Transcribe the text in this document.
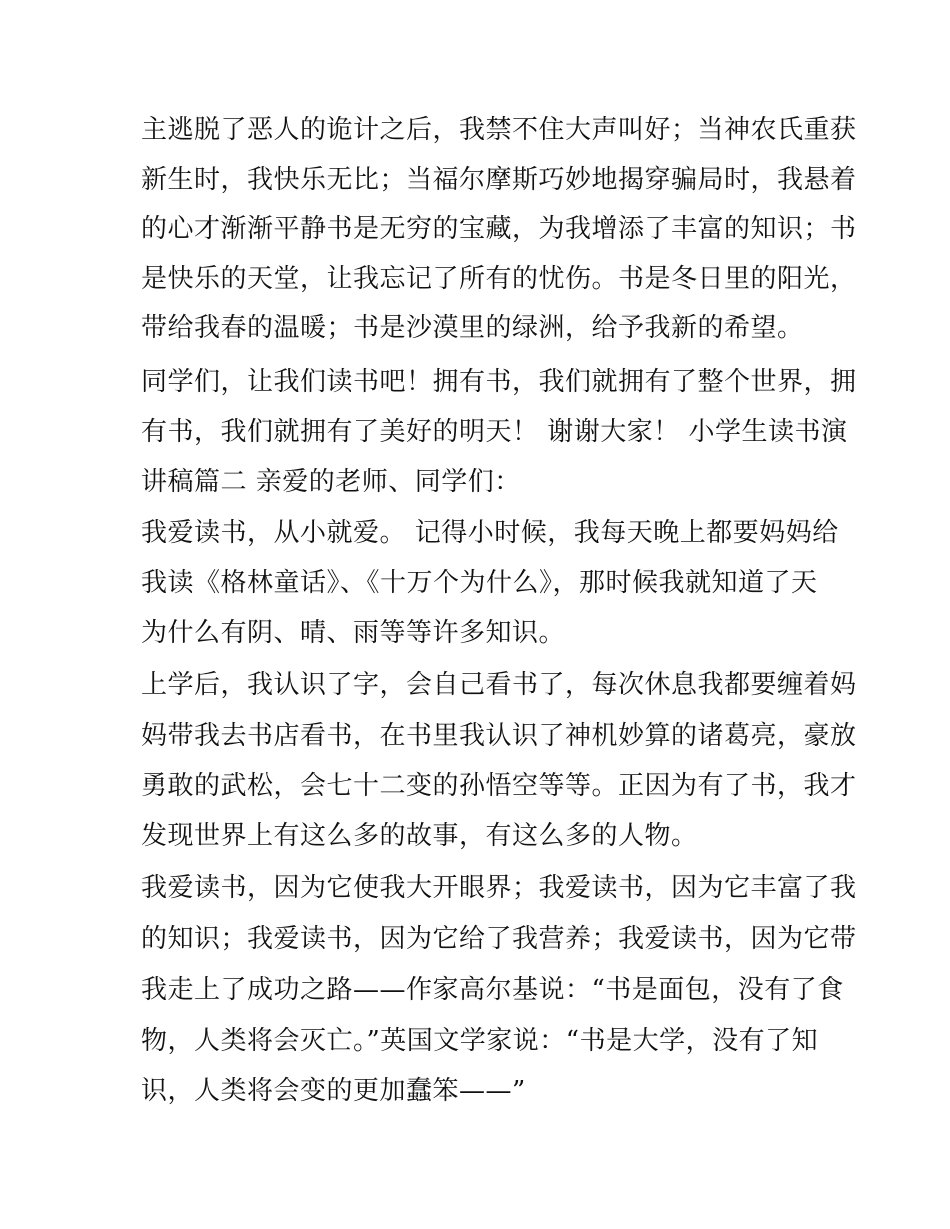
主逃脱了恶人的诡计之后，我禁不住大声叫好；当神农氏重获
新生时，我快乐无比；当福尔摩斯巧妙地揭穿骗局时，我悬着
的心才渐渐平静书是无穷的宝藏，为我增添了丰富的知识；书
是快乐的天堂，让我忘记了所有的忧伤。书是冬日里的阳光，
带给我春的温暖；书是沙漠里的绿洲，给予我新的希望。
同学们，让我们读书吧！拥有书，我们就拥有了整个世界，拥
有书，我们就拥有了美好的明天！ 谢谢大家！ 小学生读书演
讲稿篇二 亲爱的老师、同学们：
我爱读书，从小就爱。 记得小时候，我每天晚上都要妈妈给
我读《格林童话》、《十万个为什么》，那时候我就知道了天
为什么有阴、晴、雨等等许多知识。
上学后，我认识了字，会自己看书了，每次休息我都要缠着妈
妈带我去书店看书，在书里我认识了神机妙算的诸葛亮，豪放
勇敢的武松，会七十二变的孙悟空等等。正因为有了书，我才
发现世界上有这么多的故事，有这么多的人物。
我爱读书，因为它使我大开眼界；我爱读书，因为它丰富了我
的知识；我爱读书，因为它给了我营养；我爱读书，因为它带
我走上了成功之路——作家高尔基说：“书是面包，没有了食
物，人类将会灭亡。”英国文学家说：“书是大学，没有了知
识，人类将会变的更加蠢笨——”
